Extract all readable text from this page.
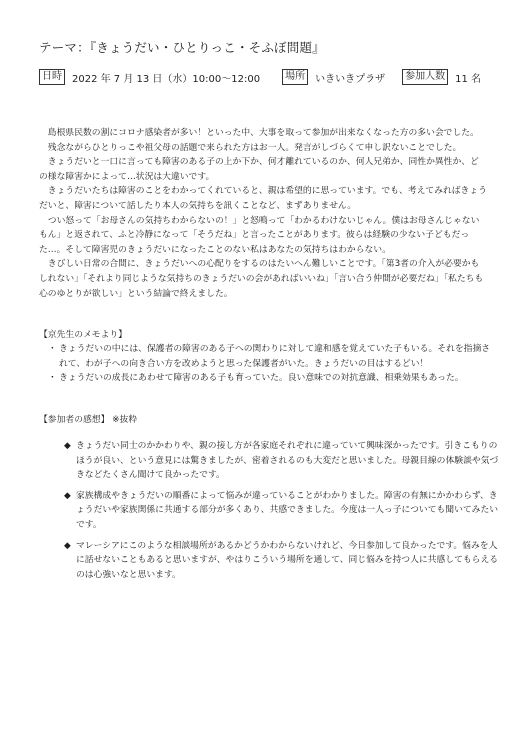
テーマ：『きょうだい・ひとりっこ・そふぼ問題』
日時	2022 年 7 月 13 日（水）10:00～12:00	場所	いきいきプラザ	参加人数	11 名

島根県民数の割にコロナ感染者が多い！といった中、大事を取って参加が出来なくなった方の多い会でした。

残念ながらひとりっこや祖父母の話題で来られた方はお一人。発言がしづらくて申し訳ないことでした。

きょうだいと一口に言っても障害のある子の上か下か、何才離れているのか、何人兄弟か、同性か異性か、どの様な障害かによって…状況は大違いです。

きょうだいたちは障害のことをわかってくれていると、親は希望的に思っています。でも、考えてみればきょうだいと、障害について話したり本人の気持ちを訊くことなど、まずありません。

つい怒って「お母さんの気持ちわからないの！」と怒鳴って「わかるわけないじゃん。僕はお母さんじゃないもん」と返されて、ふと冷静になって「そうだね」と言ったことがあります。彼らは経験の少ない子どもだった…。そして障害児のきょうだいになったことのない私はあなたの気持ちはわからない。

きびしい日常の合間に、きょうだいへの心配りをするのはたいへん難しいことです。「第3者の介入が必要かもしれない」「それより同じような気持ちのきょうだいの会があればいいね」「言い合う仲間が必要だね」「私たちも心のゆとりが欲しい」という結論で終えました。

【京先生のメモより】
・ きょうだいの中には、保護者の障害のある子への関わりに対して違和感を覚えていた子もいる。それを指摘されて、わが子への向き合い方を改めようと思った保護者がいた。きょうだいの目はするどい！
・ きょうだいの成長にあわせて障害のある子も育っていた。良い意味での対抗意識、相乗効果もあった。
【参加者の感想】 ※抜粋
◆ きょうだい同士のかかわりや、親の接し方が各家庭それぞれに違っていて興味深かったです。引きこもりのほうが良い、という意見には驚きましたが、密着されるのも大変だと思いました。母親目線の体験談や気づきなどたくさん聞けて良かったです。
◆ 家族構成やきょうだいの順番によって悩みが違っていることがわかりました。障害の有無にかかわらず、きょうだいや家族関係に共通する部分が多くあり、共感できました。今度は一人っ子についても聞いてみたいです。
◆ マレーシアにこのような相談場所があるかどうかわからないけれど、今日参加して良かったです。悩みを人に話せないこともあると思いますが、やはりこういう場所を通して、同じ悩みを持つ人に共感してもらえるのは心強いなと思います。
